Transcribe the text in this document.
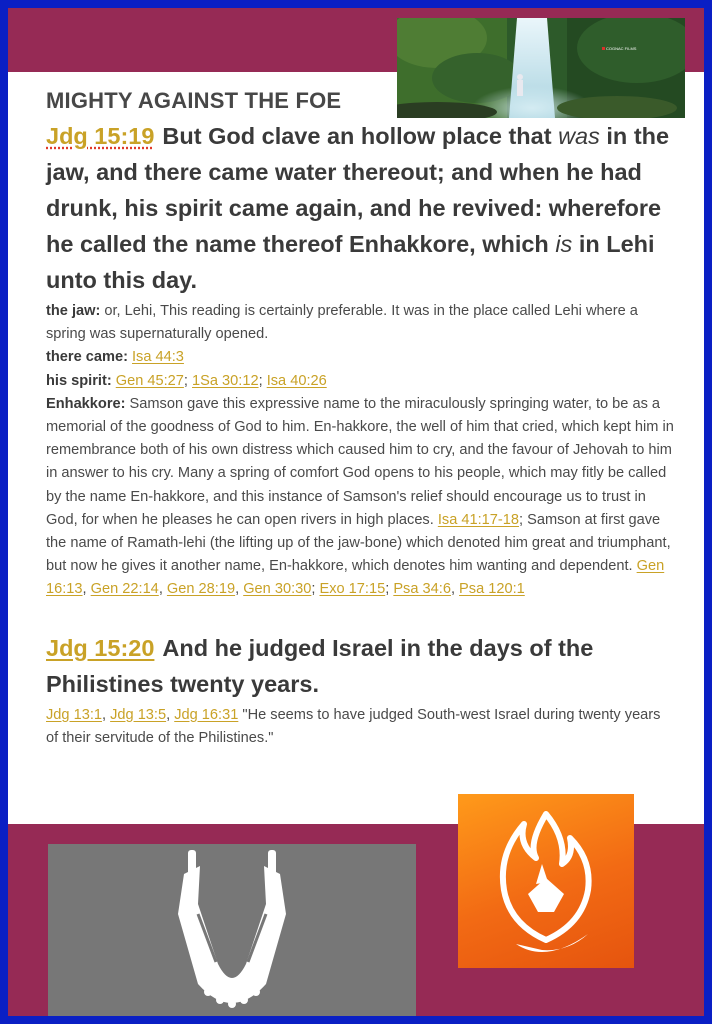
COGNAC FILMS
MIGHTY AGAINST THE FOE

Jdg 15:19 But God clave an hollow place that was in the jaw, and there came water thereout; and when he had drunk, his spirit came again, and he revived: wherefore he called the name thereof Enhakkore, which is in Lehi unto this day.

the jaw: or, Lehi, This reading is certainly preferable. It was in the place called Lehi where a spring was supernaturally opened.
there came: Isa 44:3
his spirit: Gen 45:27; 1Sa 30:12; Isa 40:26
Enhakkore: Samson gave this expressive name to the miraculously springing water, to be as a memorial of the goodness of God to him. En-hakkore, the well of him that cried, which kept him in remembrance both of his own distress which caused him to cry, and the favour of Jehovah to him in answer to his cry. Many a spring of comfort God opens to his people, which may fitly be called by the name En-hakkore, and this instance of Samson's relief should encourage us to trust in God, for when he pleases he can open rivers in high places. Isa 41:17-18; Samson at first gave the name of Ramath-lehi (the lifting up of the jaw-bone) which denoted him great and triumphant, but now he gives it another name, En-hakkore, which denotes him wanting and dependent. Gen 16:13, Gen 22:14, Gen 28:19, Gen 30:30; Exo 17:15; Psa 34:6, Psa 120:1

Jdg 15:20 And he judged Israel in the days of the Philistines twenty years.

Jdg 13:1, Jdg 13:5, Jdg 16:31 "He seems to have judged South-west Israel during twenty years of their servitude of the Philistines."
